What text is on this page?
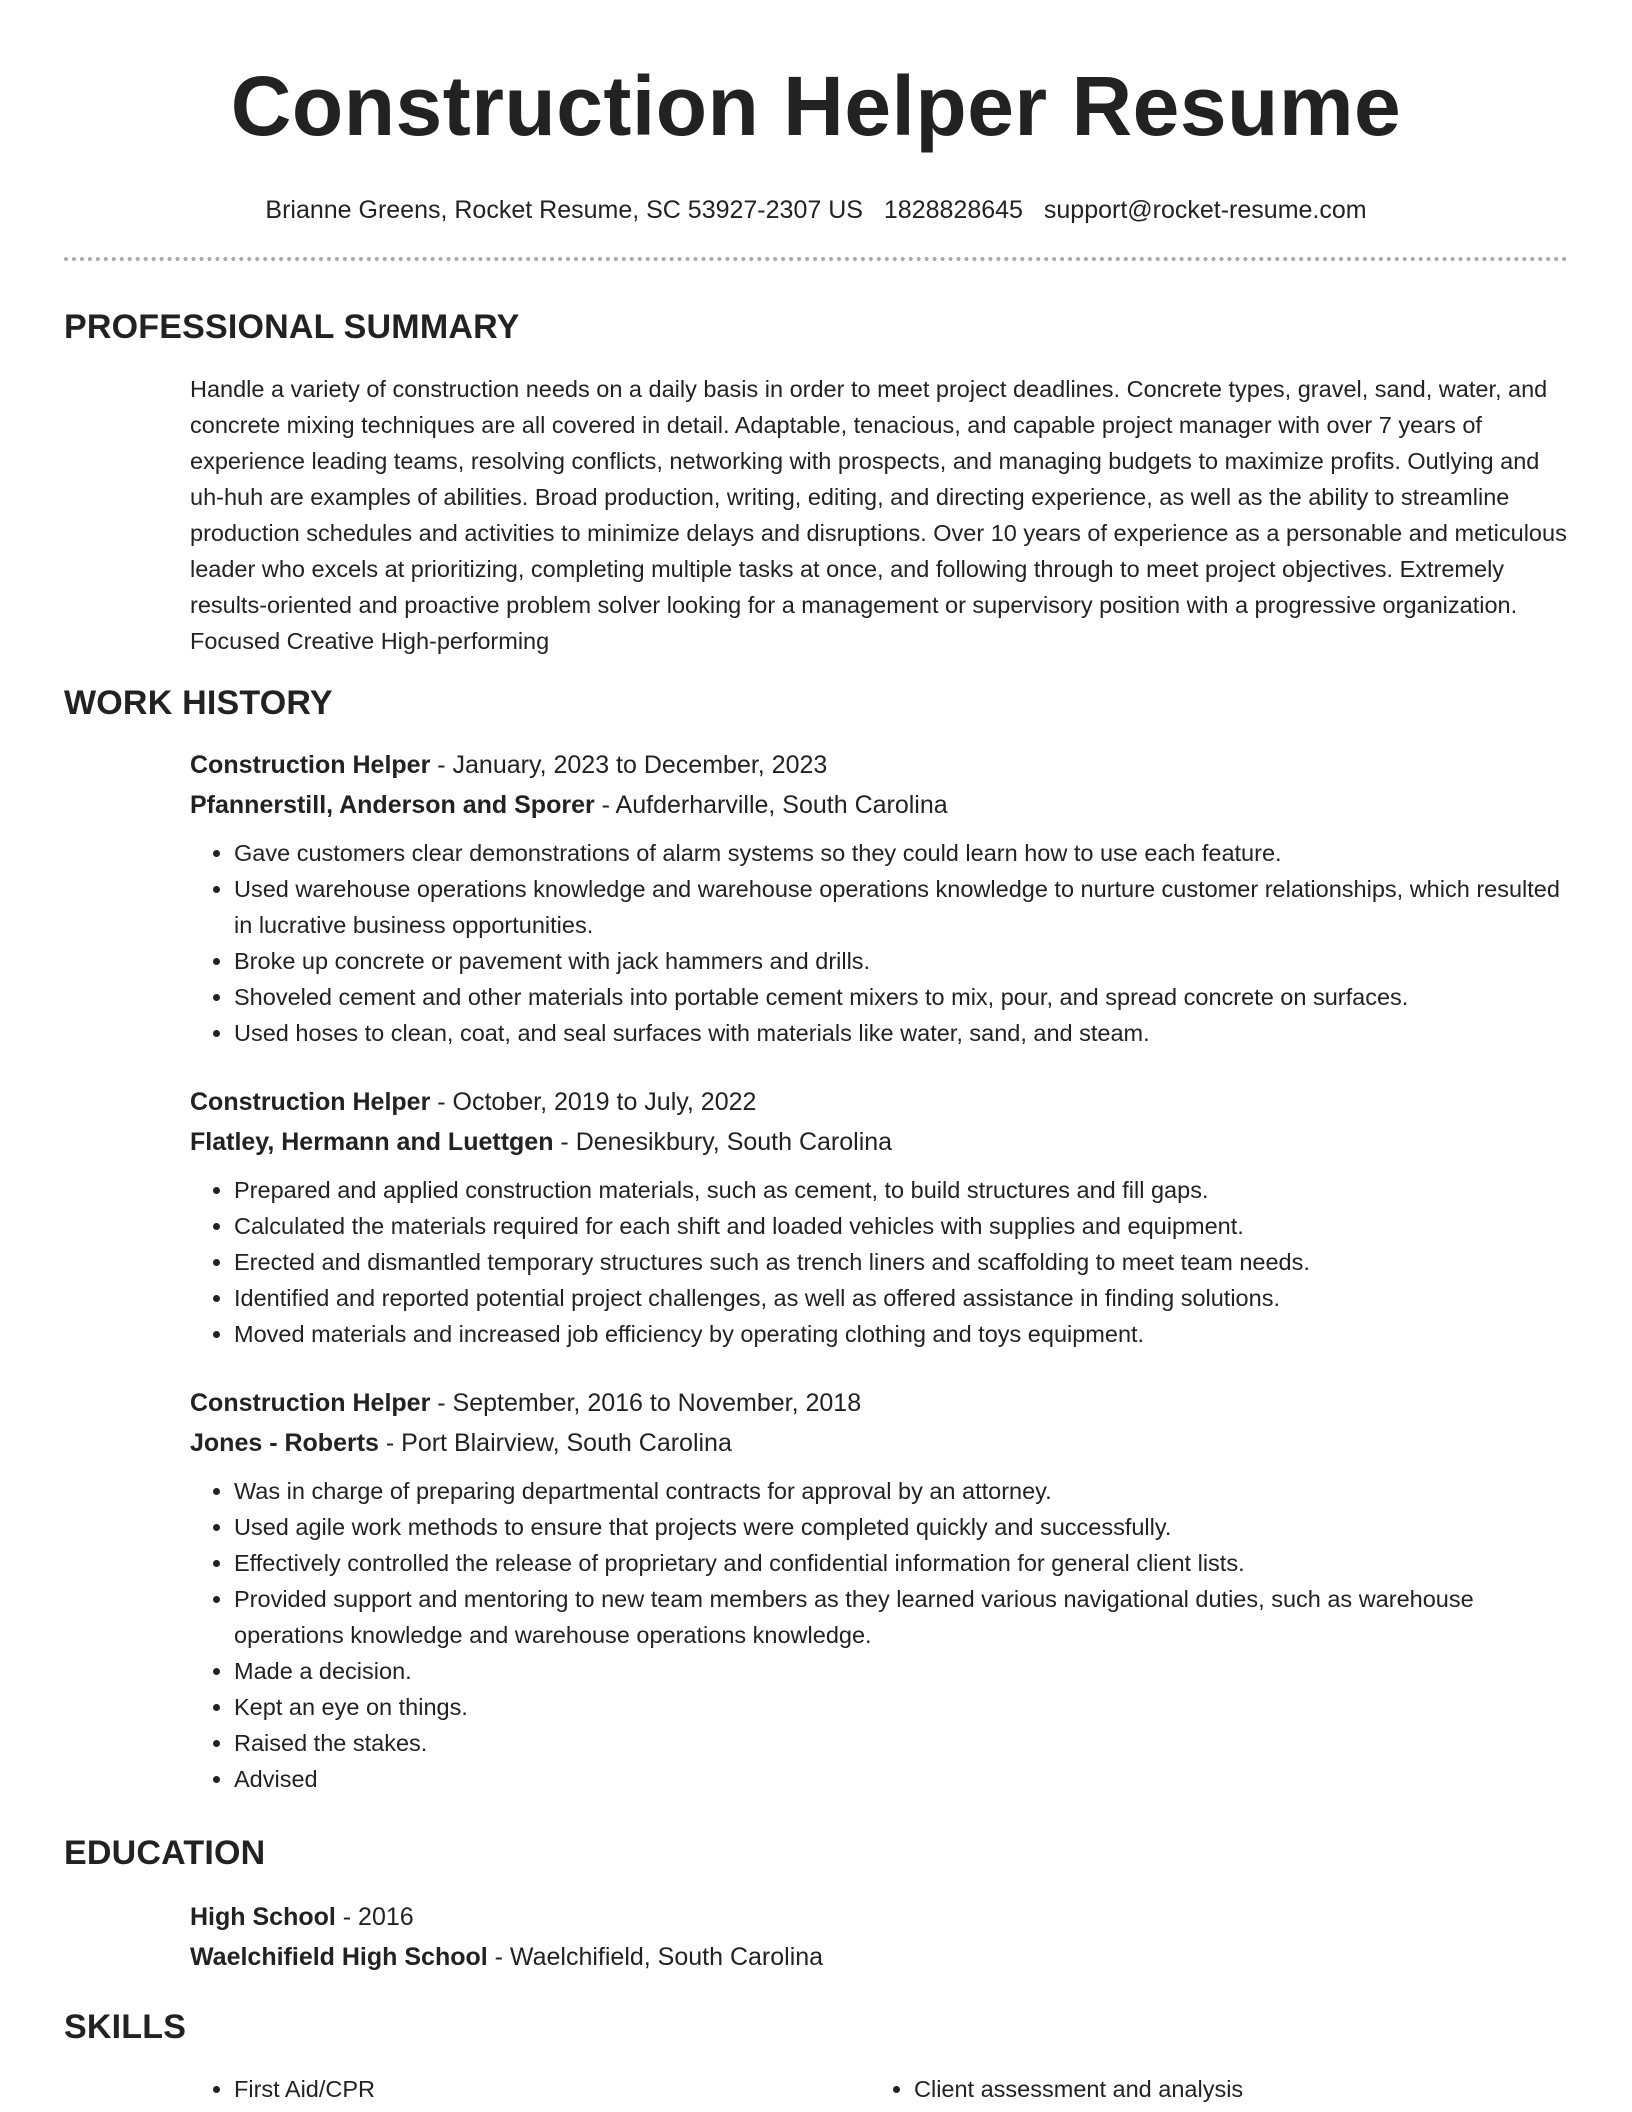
Construction Helper Resume
Brianne Greens, Rocket Resume, SC 53927-2307 US 1828828645 support@rocket-resume.com
PROFESSIONAL SUMMARY
Handle a variety of construction needs on a daily basis in order to meet project deadlines. Concrete types, gravel, sand, water, and concrete mixing techniques are all covered in detail. Adaptable, tenacious, and capable project manager with over 7 years of experience leading teams, resolving conflicts, networking with prospects, and managing budgets to maximize profits. Outlying and uh-huh are examples of abilities. Broad production, writing, editing, and directing experience, as well as the ability to streamline production schedules and activities to minimize delays and disruptions. Over 10 years of experience as a personable and meticulous leader who excels at prioritizing, completing multiple tasks at once, and following through to meet project objectives. Extremely results-oriented and proactive problem solver looking for a management or supervisory position with a progressive organization. Focused Creative High-performing
WORK HISTORY
Construction Helper - January, 2023 to December, 2023
Pfannerstill, Anderson and Sporer - Aufderharville, South Carolina
• Gave customers clear demonstrations of alarm systems so they could learn how to use each feature.
• Used warehouse operations knowledge and warehouse operations knowledge to nurture customer relationships, which resulted in lucrative business opportunities.
• Broke up concrete or pavement with jack hammers and drills.
• Shoveled cement and other materials into portable cement mixers to mix, pour, and spread concrete on surfaces.
• Used hoses to clean, coat, and seal surfaces with materials like water, sand, and steam.
Construction Helper - October, 2019 to July, 2022
Flatley, Hermann and Luettgen - Denesikbury, South Carolina
• Prepared and applied construction materials, such as cement, to build structures and fill gaps.
• Calculated the materials required for each shift and loaded vehicles with supplies and equipment.
• Erected and dismantled temporary structures such as trench liners and scaffolding to meet team needs.
• Identified and reported potential project challenges, as well as offered assistance in finding solutions.
• Moved materials and increased job efficiency by operating clothing and toys equipment.
Construction Helper - September, 2016 to November, 2018
Jones - Roberts - Port Blairview, South Carolina
• Was in charge of preparing departmental contracts for approval by an attorney.
• Used agile work methods to ensure that projects were completed quickly and successfully.
• Effectively controlled the release of proprietary and confidential information for general client lists.
• Provided support and mentoring to new team members as they learned various navigational duties, such as warehouse operations knowledge and warehouse operations knowledge.
• Made a decision.
• Kept an eye on things.
• Raised the stakes.
• Advised
EDUCATION
High School - 2016
Waelchifield High School - Waelchifield, South Carolina
SKILLS
• First Aid/CPR
•	Client assessment and analysis
